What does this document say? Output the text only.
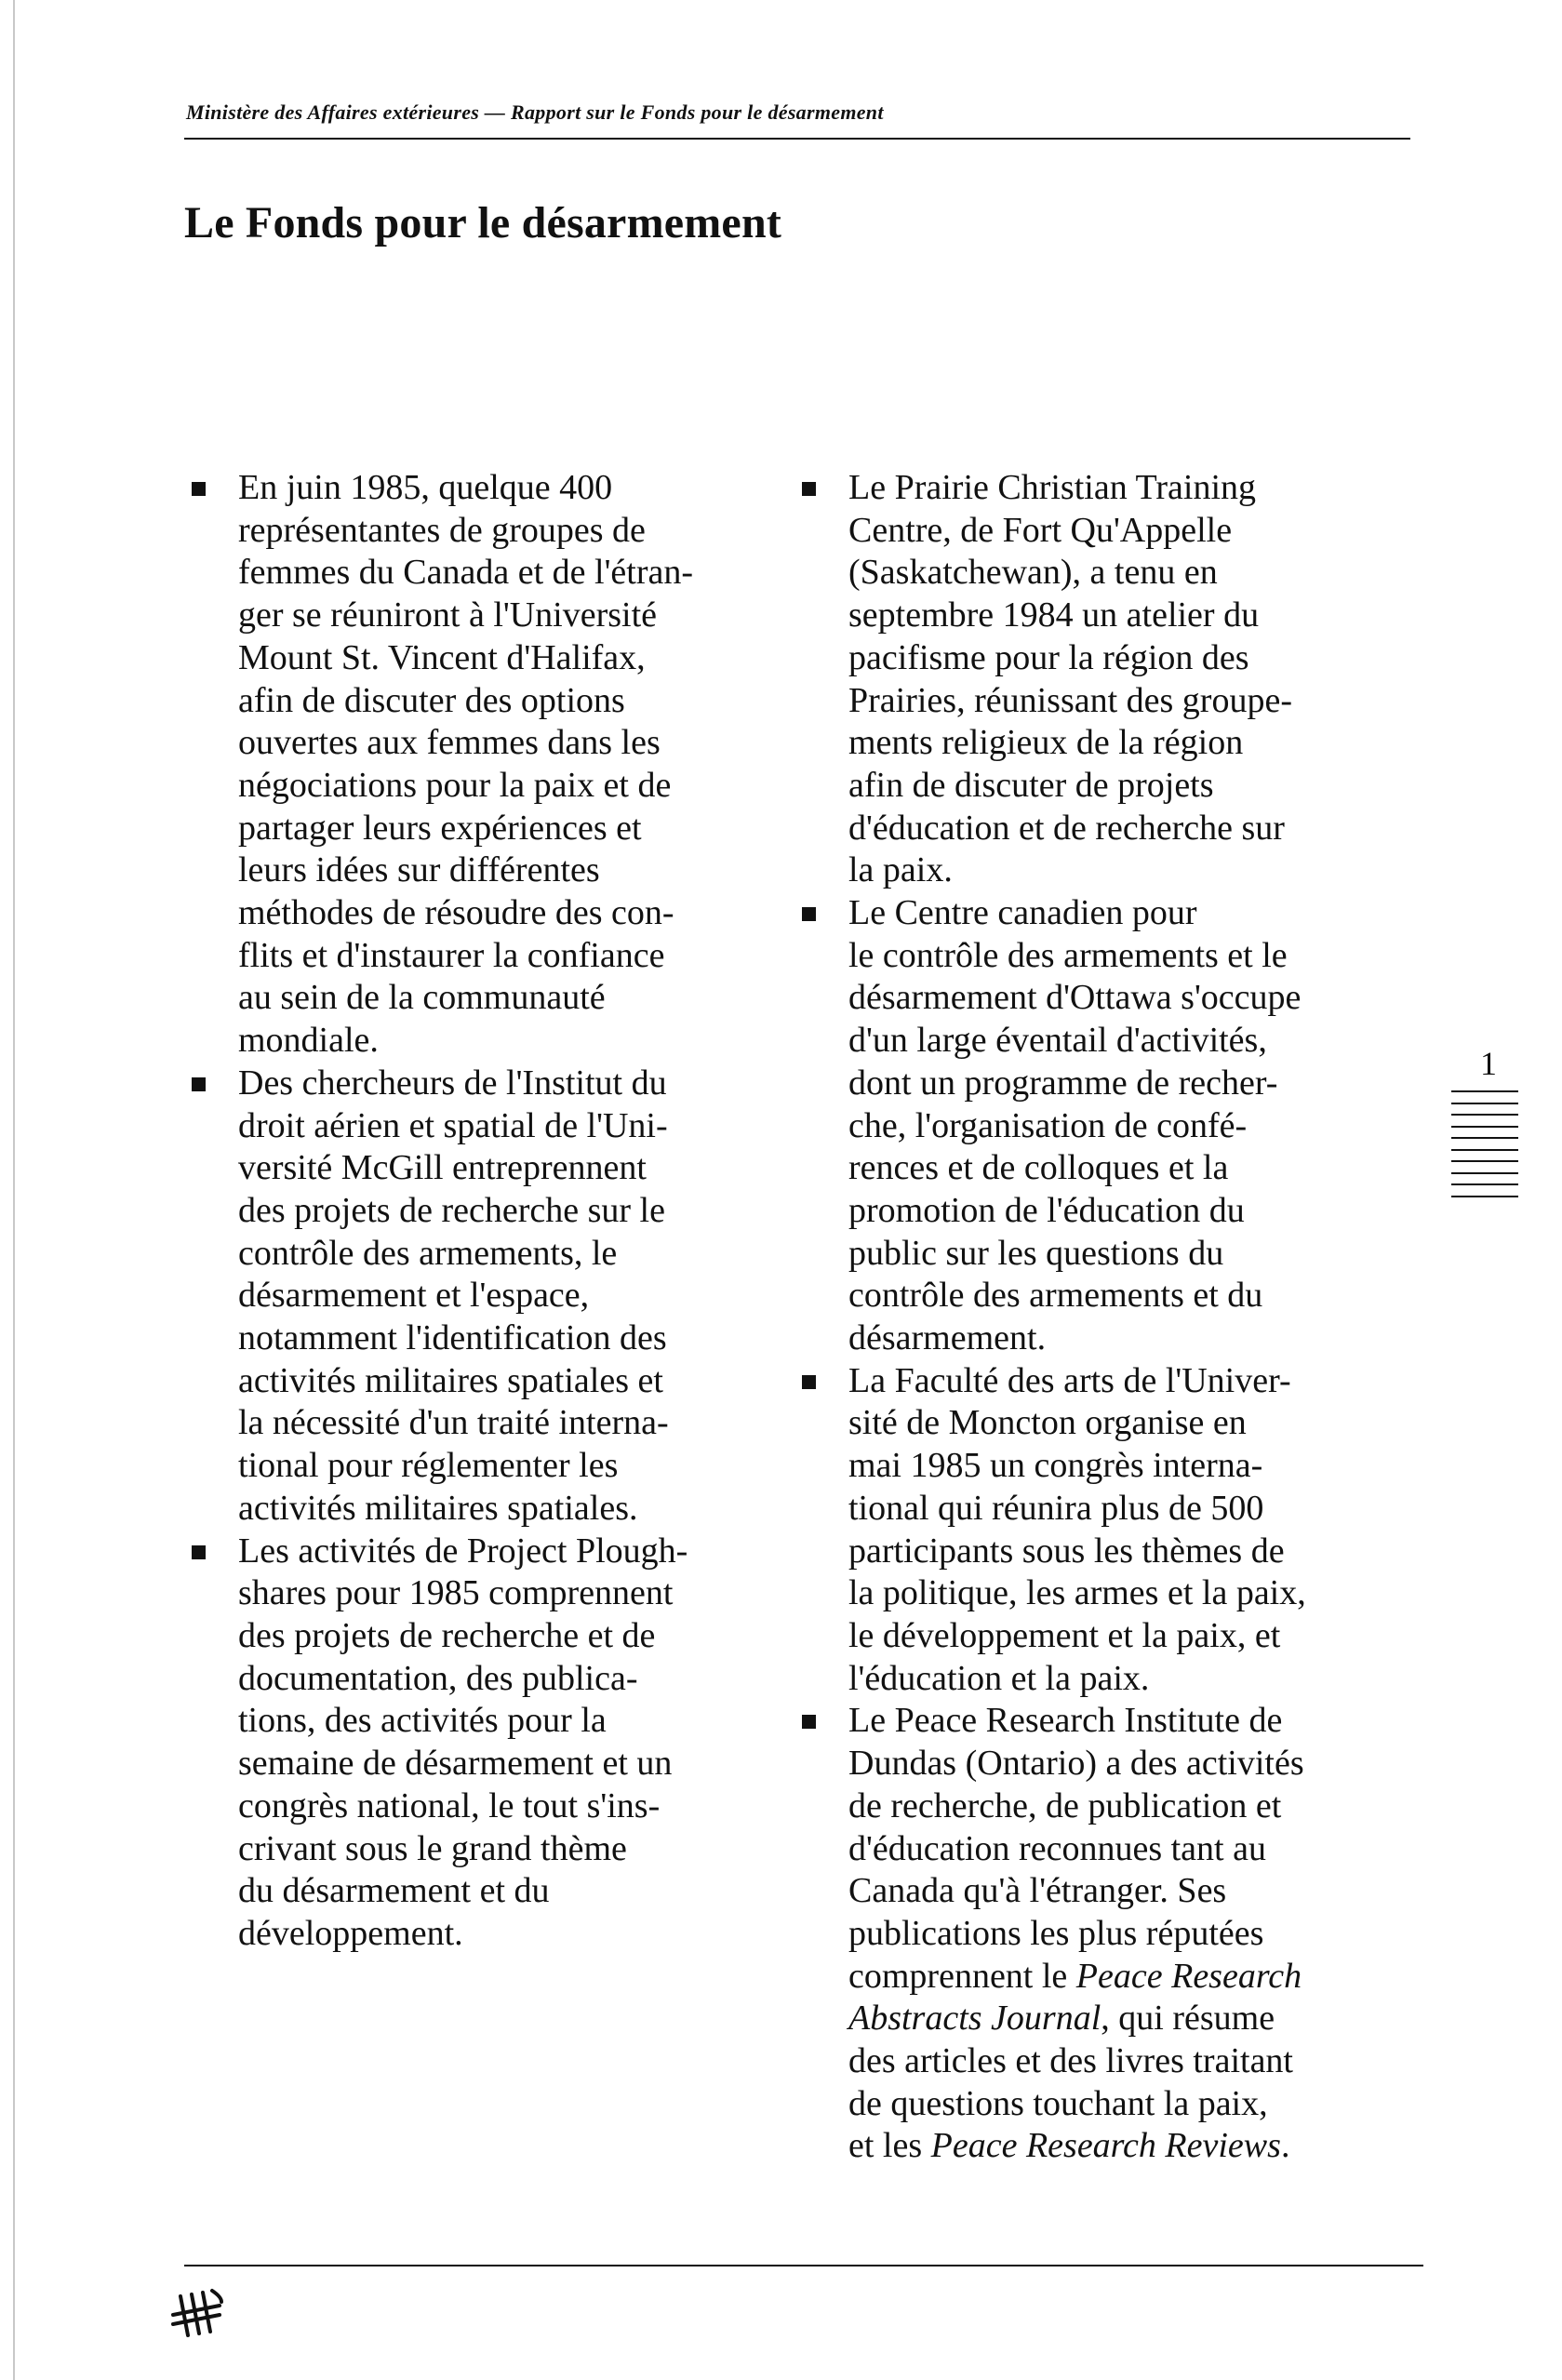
Ministère des Affaires extérieures — Rapport sur le Fonds pour le désarmement
Le Fonds pour le désarmement
En juin 1985, quelque 400
représentantes de groupes de
femmes du Canada et de l'étran-
ger se réuniront à l'Université
Mount St. Vincent d'Halifax,
afin de discuter des options
ouvertes aux femmes dans les
négociations pour la paix et de
partager leurs expériences et
leurs idées sur différentes
méthodes de résoudre des con-
flits et d'instaurer la confiance
au sein de la communauté
mondiale.
Des chercheurs de l'Institut du
droit aérien et spatial de l'Uni-
versité McGill entreprennent
des projets de recherche sur le
contrôle des armements, le
désarmement et l'espace,
notamment l'identification des
activités militaires spatiales et
la nécessité d'un traité interna-
tional pour réglementer les
activités militaires spatiales.
Les activités de Project Plough-
shares pour 1985 comprennent
des projets de recherche et de
documentation, des publica-
tions, des activités pour la
semaine de désarmement et un
congrès national, le tout s'ins-
crivant sous le grand thème
du désarmement et du
développement.
Le Prairie Christian Training
Centre, de Fort Qu'Appelle
(Saskatchewan), a tenu en
septembre 1984 un atelier du
pacifisme pour la région des
Prairies, réunissant des groupe-
ments religieux de la région
afin de discuter de projets
d'éducation et de recherche sur
la paix.
Le Centre canadien pour
le contrôle des armements et le
désarmement d'Ottawa s'occupe
d'un large éventail d'activités,
dont un programme de recher-
che, l'organisation de confé-
rences et de colloques et la
promotion de l'éducation du
public sur les questions du
contrôle des armements et du
désarmement.
La Faculté des arts de l'Univer-
sité de Moncton organise en
mai 1985 un congrès interna-
tional qui réunira plus de 500
participants sous les thèmes de
la politique, les armes et la paix,
le développement et la paix, et
l'éducation et la paix.
Le Peace Research Institute de
Dundas (Ontario) a des activités
de recherche, de publication et
d'éducation reconnues tant au
Canada qu'à l'étranger. Ses
publications les plus réputées
comprennent le Peace Research
Abstracts Journal, qui résume
des articles et des livres traitant
de questions touchant la paix,
et les Peace Research Reviews.
1
